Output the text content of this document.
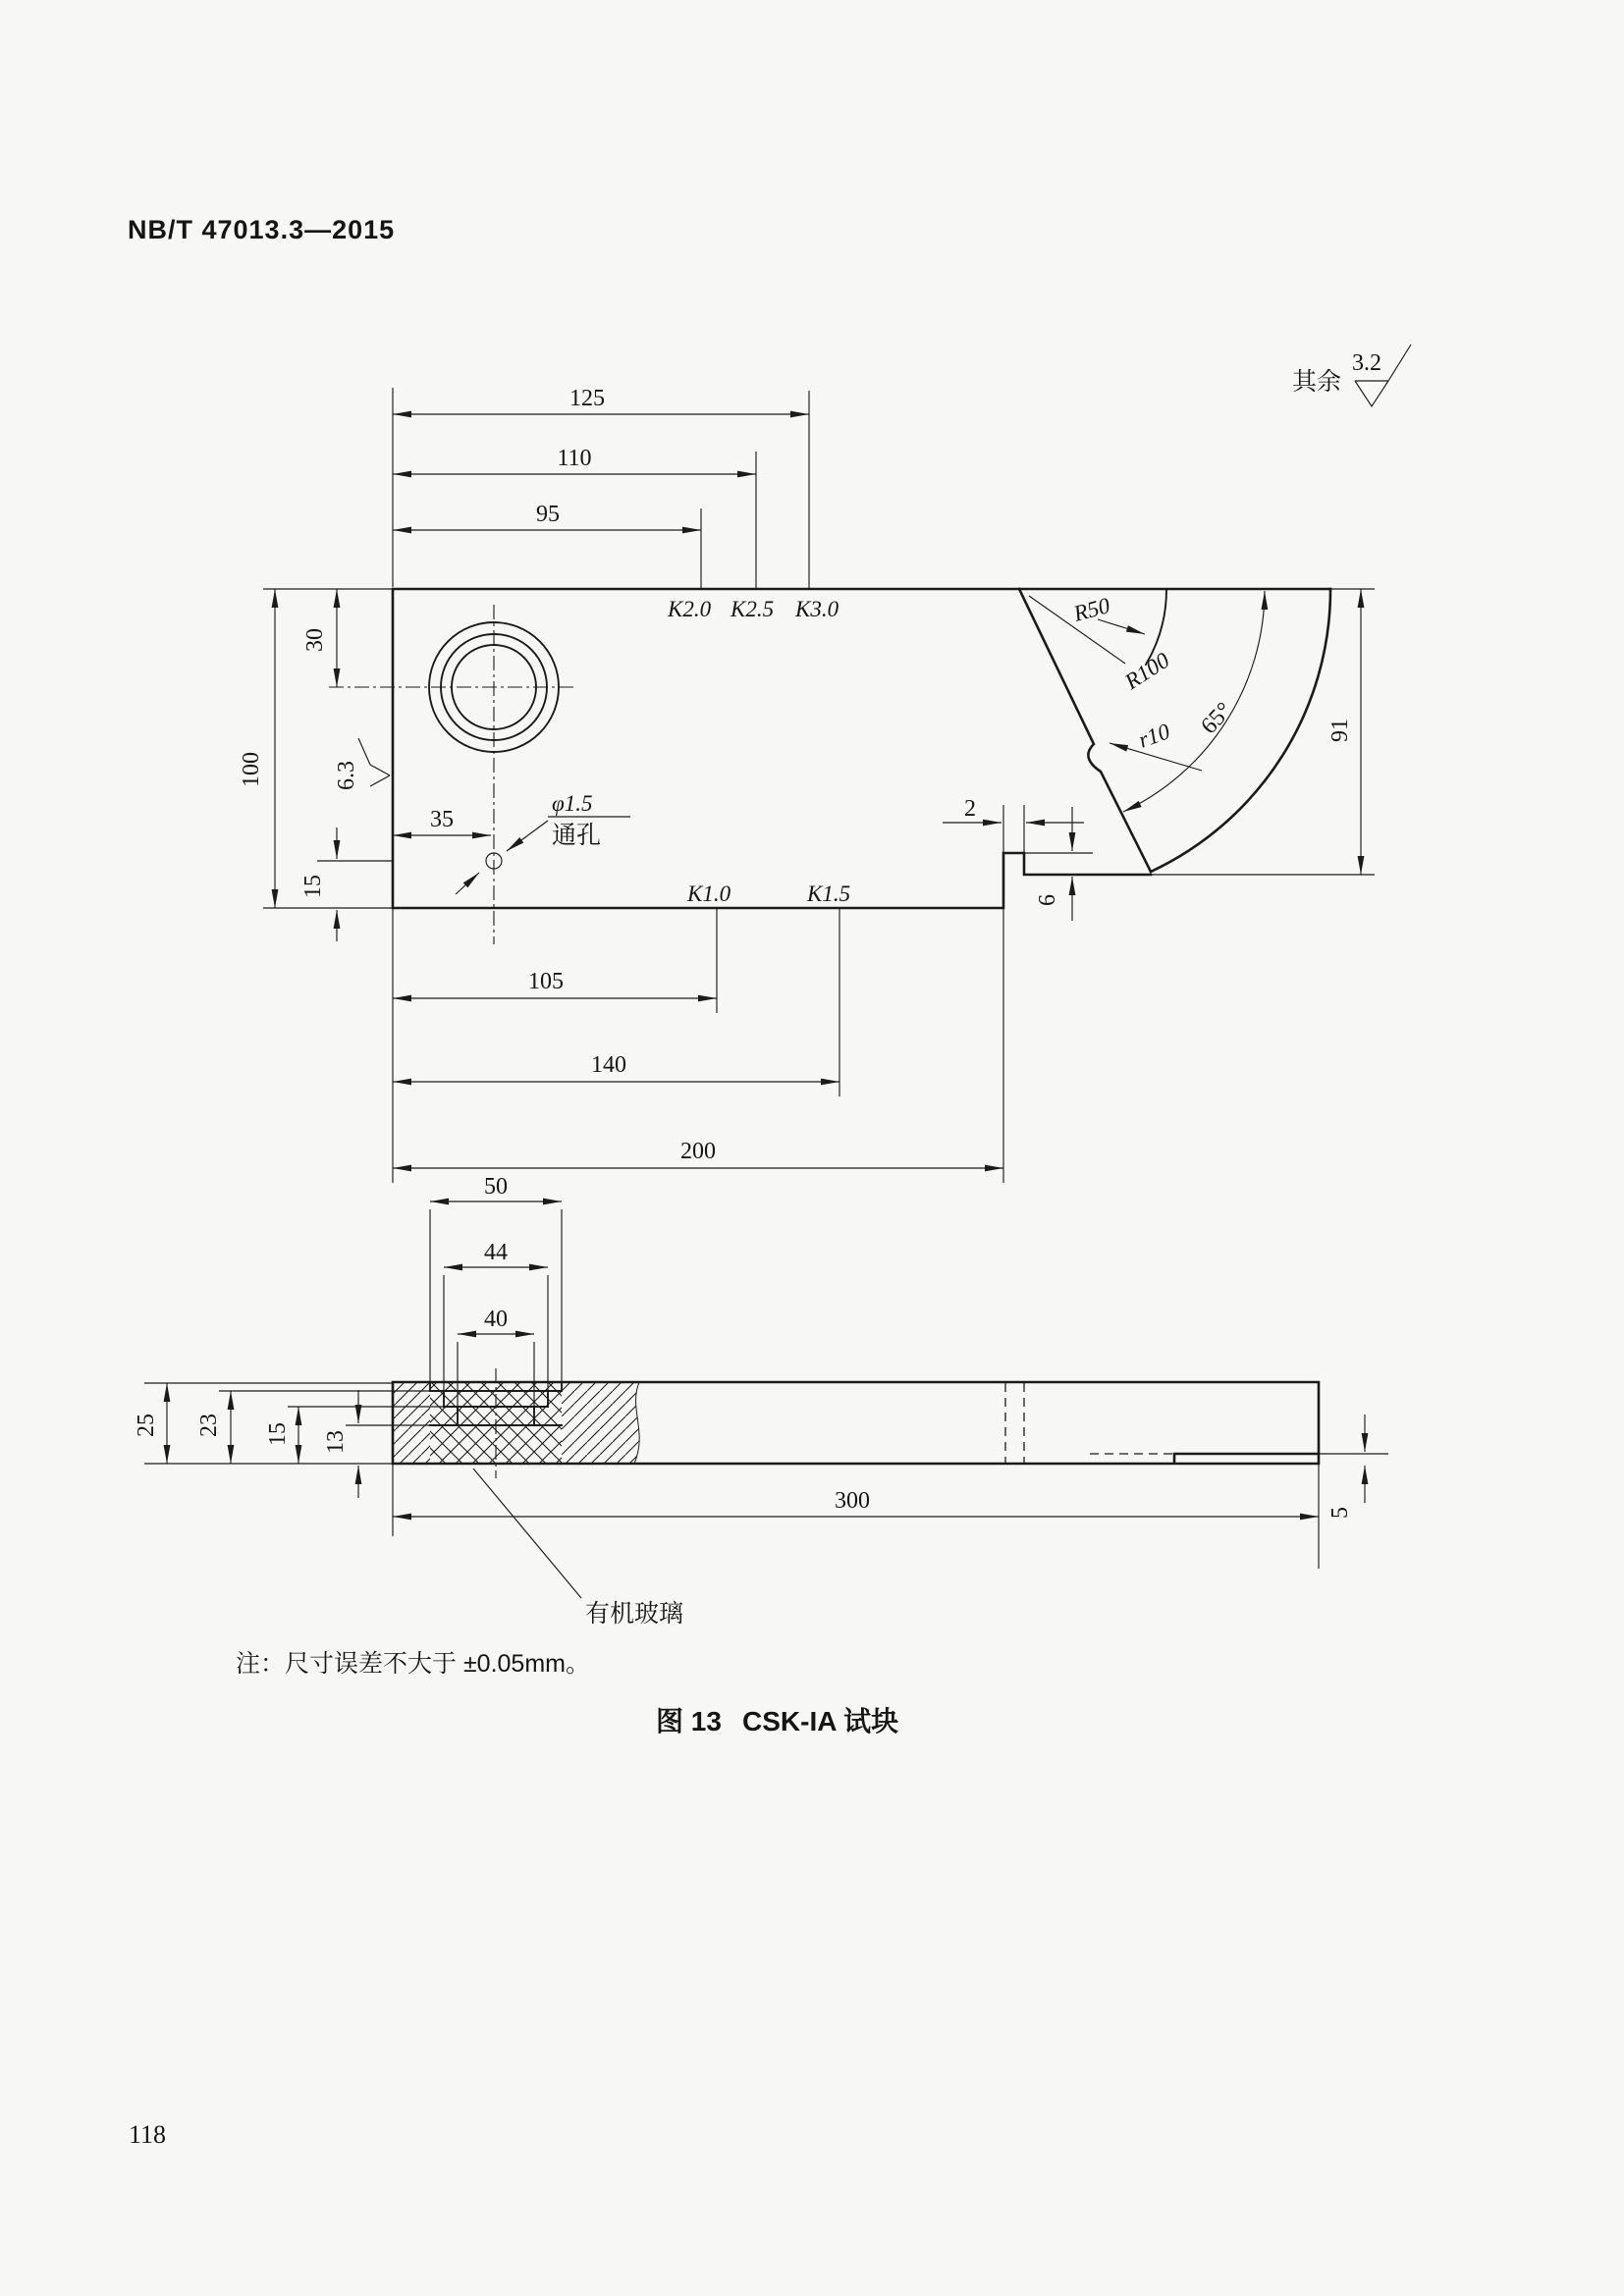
NB/T 47013.3—2015
其余
3.2
6.3
125
110
95
100
30
15
35
105
140
200
2
6
91
R50
R100
r10 65°
K2.0 K2.5 K3.0
K1.0	K1.5
φ1.5
通孔
50
44
40
25 23 15 13
300	5
有机玻璃
注：尺寸误差不大于 ±0.05mm。
图 13 CSK-IA 试块
118
